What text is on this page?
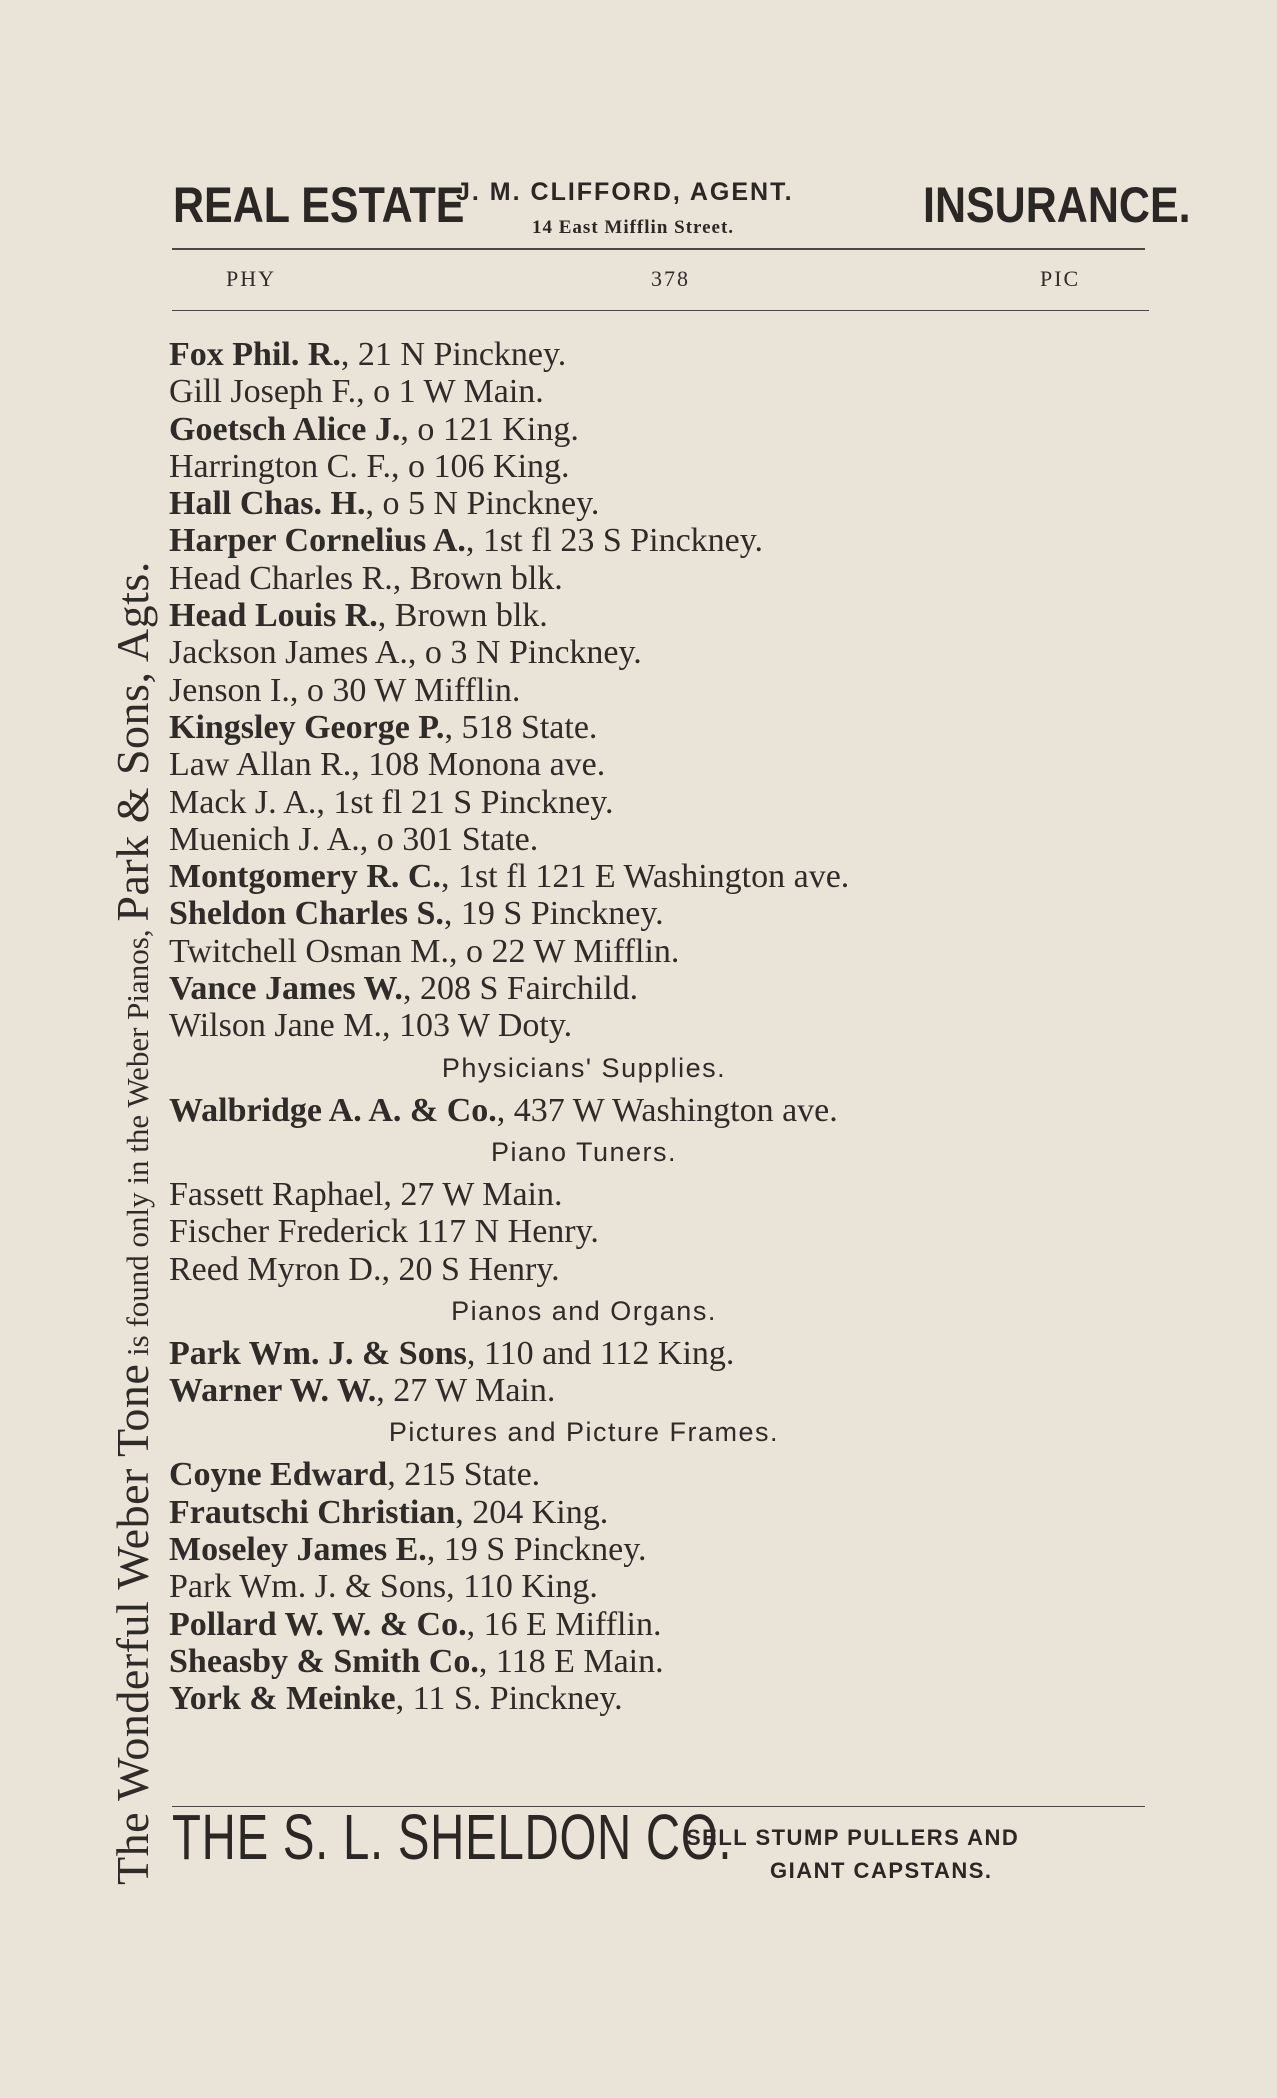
The Wonderful Weber Tone is found only in the Weber Pianos, Park & Sons, Agts.
REAL ESTATE
J. M. CLIFFORD, AGENT.
14 East Mifflin Street.	INSURANCE.
PHY	378	PIC
Fox Phil. R., 21 N Pinckney.
Gill Joseph F., o 1 W Main.
Goetsch Alice J., o 121 King.
Harrington C. F., o 106 King.
Hall Chas. H., o 5 N Pinckney.
Harper Cornelius A., 1st fl 23 S Pinckney.
Head Charles R., Brown blk.
Head Louis R., Brown blk.
Jackson James A., o 3 N Pinckney.
Jenson I., o 30 W Mifflin.
Kingsley George P., 518 State.
Law Allan R., 108 Monona ave.
Mack J. A., 1st fl 21 S Pinckney.
Muenich J. A., o 301 State.
Montgomery R. C., 1st fl 121 E Washington ave.
Sheldon Charles S., 19 S Pinckney.
Twitchell Osman M., o 22 W Mifflin.
Vance James W., 208 S Fairchild.
Wilson Jane M., 103 W Doty.
Physicians' Supplies.
Walbridge A. A. & Co., 437 W Washington ave.
Piano Tuners.
Fassett Raphael, 27 W Main.
Fischer Frederick 117 N Henry.
Reed Myron D., 20 S Henry.
Pianos and Organs.
Park Wm. J. & Sons, 110 and 112 King.
Warner W. W., 27 W Main.
Pictures and Picture Frames.
Coyne Edward, 215 State.
Frautschi Christian, 204 King.
Moseley James E., 19 S Pinckney.
Park Wm. J. & Sons, 110 King.
Pollard W. W. & Co., 16 E Mifflin.
Sheasby & Smith Co., 118 E Main.
York & Meinke, 11 S. Pinckney.
THE S. L. SHELDON CO.
SELL STUMP PULLERS AND
GIANT CAPSTANS.
